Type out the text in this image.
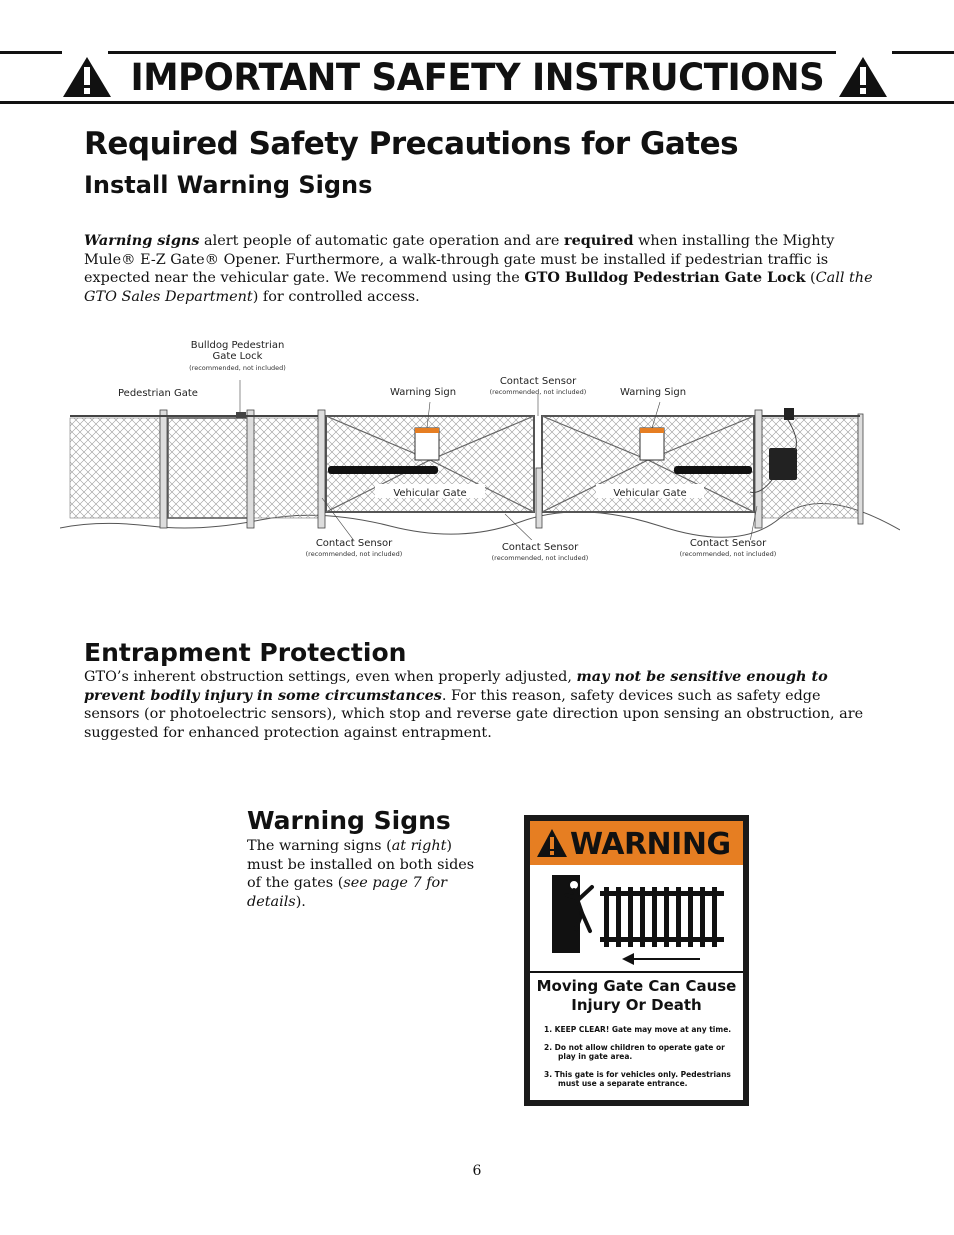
IMPORTANT SAFETY INSTRUCTIONS
Required Safety Precautions for Gates
Install Warning Signs
Warning signs alert people of automatic gate operation and are required when installing the Mighty Mule® E-Z Gate® Opener. Furthermore, a walk-through gate must be installed if pedestrian traffic is expected near the vehicular gate. We recommend using the GTO Bulldog Pedestrian Gate Lock (Call the GTO Sales Department) for controlled access.
Bulldog Pedestrian Gate Lock
(recommended, not included)
Pedestrian Gate	Warning Sign
Contact Sensor
(recommended, not included)	Warning Sign
Vehicular Gate	Vehicular Gate
Contact Sensor
(recommended, not included)
Contact Sensor
(recommended, not included)
Contact Sensor
(recommended, not included)
Entrapment Protection
GTO’s inherent obstruction settings, even when properly adjusted, may not be sensitive enough to prevent bodily injury in some circumstances. For this reason, safety devices such as safety edge sensors (or photoelectric sensors), which stop and reverse gate direction upon sensing an obstruction, are suggested for enhanced protection against entrapment.
Warning Signs
The warning signs (at right) must be installed on both sides of the gates (see page 7 for details).
WARNING
Moving Gate Can Cause
Injury Or Death
1. KEEP CLEAR! Gate may move at any time.
2. Do not allow children to operate gate or play in gate area.
3. This gate is for vehicles only. Pedestrians must use a separate entrance.
6
